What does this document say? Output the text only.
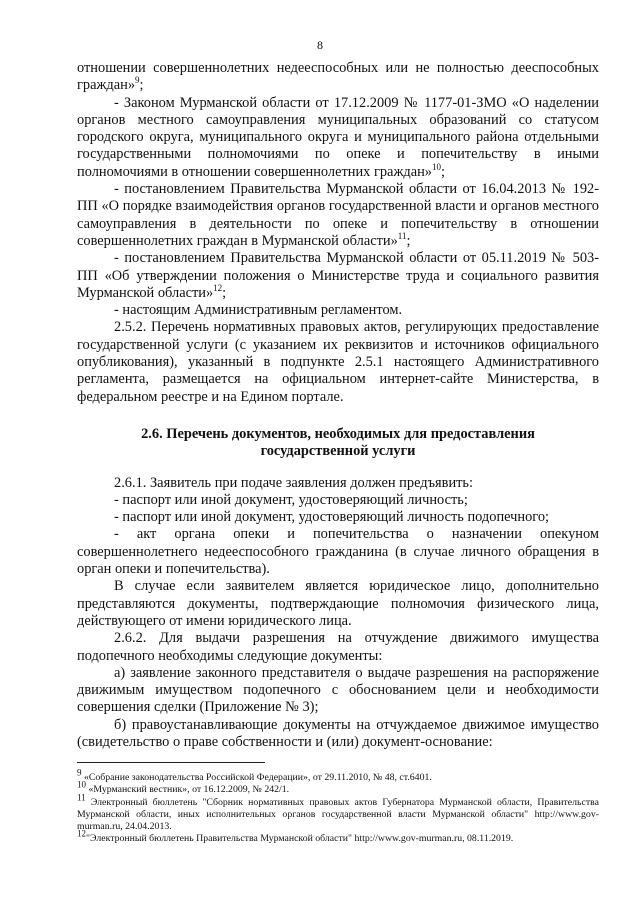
8

отношении совершеннолетних недееспособных или не полностью дееспособных граждан»$^9$;

- Законом Мурманской области от 17.12.2009 № 1177-01-ЗМО «О наделении органов местного самоуправления муниципальных образований со статусом городского округа, муниципального округа и муниципального района отдельными государственными полномочиями по опеке и попечительству в иными полномочиями в отношении совершеннолетних граждан»$^{10}$;

- постановлением Правительства Мурманской области от 16.04.2013 № 192-ПП «О порядке взаимодействия органов государственной власти и органов местного самоуправления в деятельности по опеке и попечительству в отношении совершеннолетних граждан в Мурманской области»$^{11}$;

- постановлением Правительства Мурманской области от 05.11.2019 № 503-ПП «Об утверждении положения о Министерстве труда и социального развития Мурманской области»$^{12}$;

- настоящим Административным регламентом.

2.5.2. Перечень нормативных правовых актов, регулирующих предоставление государственной услуги (с указанием их реквизитов и источников официального опубликования), указанный в подпункте 2.5.1 настоящего Административного регламента, размещается на официальном интернет-сайте Министерства, в федеральном реестре и на Едином портале.

2.6. Перечень документов, необходимых для предоставления
государственной услуги

2.6.1. Заявитель при подаче заявления должен предъявить:

- паспорт или иной документ, удостоверяющий личность;

- паспорт или иной документ, удостоверяющий личность подопечного;

- акт органа опеки и попечительства о назначении опекуном совершеннолетнего недееспособного гражданина (в случае личного обращения в орган опеки и попечительства).

В случае если заявителем является юридическое лицо, дополнительно представляются документы, подтверждающие полномочия физического лица, действующего от имени юридического лица.

2.6.2. Для выдачи разрешения на отчуждение движимого имущества подопечного необходимы следующие документы:

а) заявление законного представителя о выдаче разрешения на распоряжение движимым имуществом подопечного с обоснованием цели и необходимости совершения сделки (Приложение № 3);

б) правоустанавливающие документы на отчуждаемое движимое имущество (свидетельство о праве собственности и (или) документ-основание:

$^9$ «Собрание законодательства Российской Федерации», от 29.11.2010, № 48, ст.6401.

$^{10}$ «Мурманский вестник», от 16.12.2009, № 242/1.

$^{11}$ Электронный бюллетень "Сборник нормативных правовых актов Губернатора Мурманской области, Правительства Мурманской области, иных исполнительных органов государственной власти Мурманской области" http://www.gov-murman.ru, 24.04.2013.

$^{12}$"Электронный бюллетень Правительства Мурманской области" http://www.gov-murman.ru, 08.11.2019.
